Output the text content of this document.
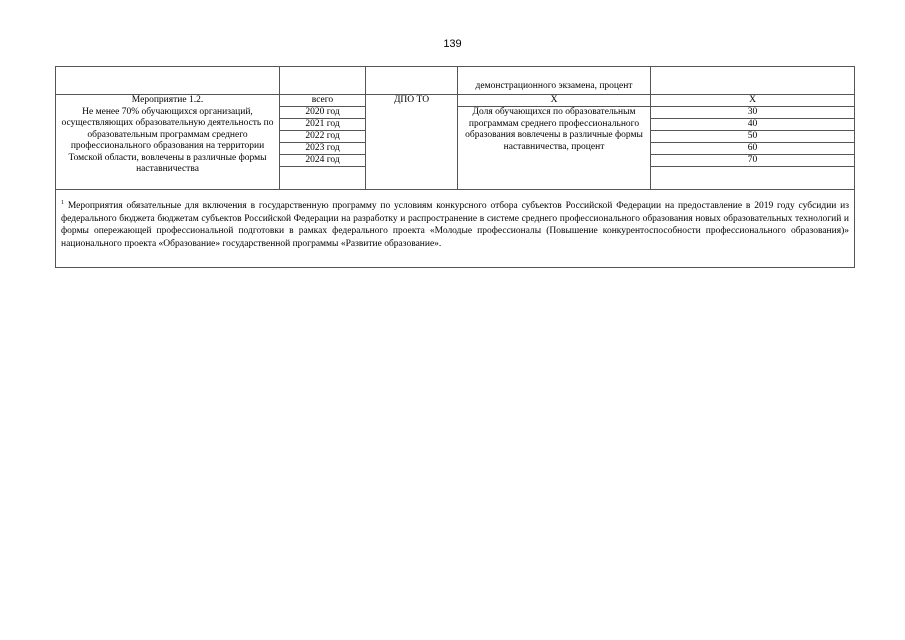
139
			демонстрационного экзамена, процент	

Мероприятие 1.2.
Не менее 70% обучающихся организаций, осуществляющих образовательную деятельность по образовательным программам среднего профессионального образования на территории Томской области, вовлечены в различные формы наставничества	всего	ДПО ТО	Х	Х
	2020 год		Доля обучающихся по образовательным программам среднего профессионального образования вовлечены в различные формы наставничества, процент	30
	2021 год			40
	2022 год			50
	2023 год			60
	2024 год			70

$^1$ Мероприятия обязательные для включения в государственную программу по условиям конкурсного отбора субъектов Российской Федерации на предоставление в 2019 году субсидии из федерального бюджета бюджетам субъектов Российской Федерации на разработку и распространение в системе среднего профессионального образования новых образовательных технологий и формы опережающей профессиональной подготовки в рамках федерального проекта «Молодые профессионалы (Повышение конкурентоспособности профессионального образования)» национального проекта «Образование» государственной программы «Развитие образование».				
